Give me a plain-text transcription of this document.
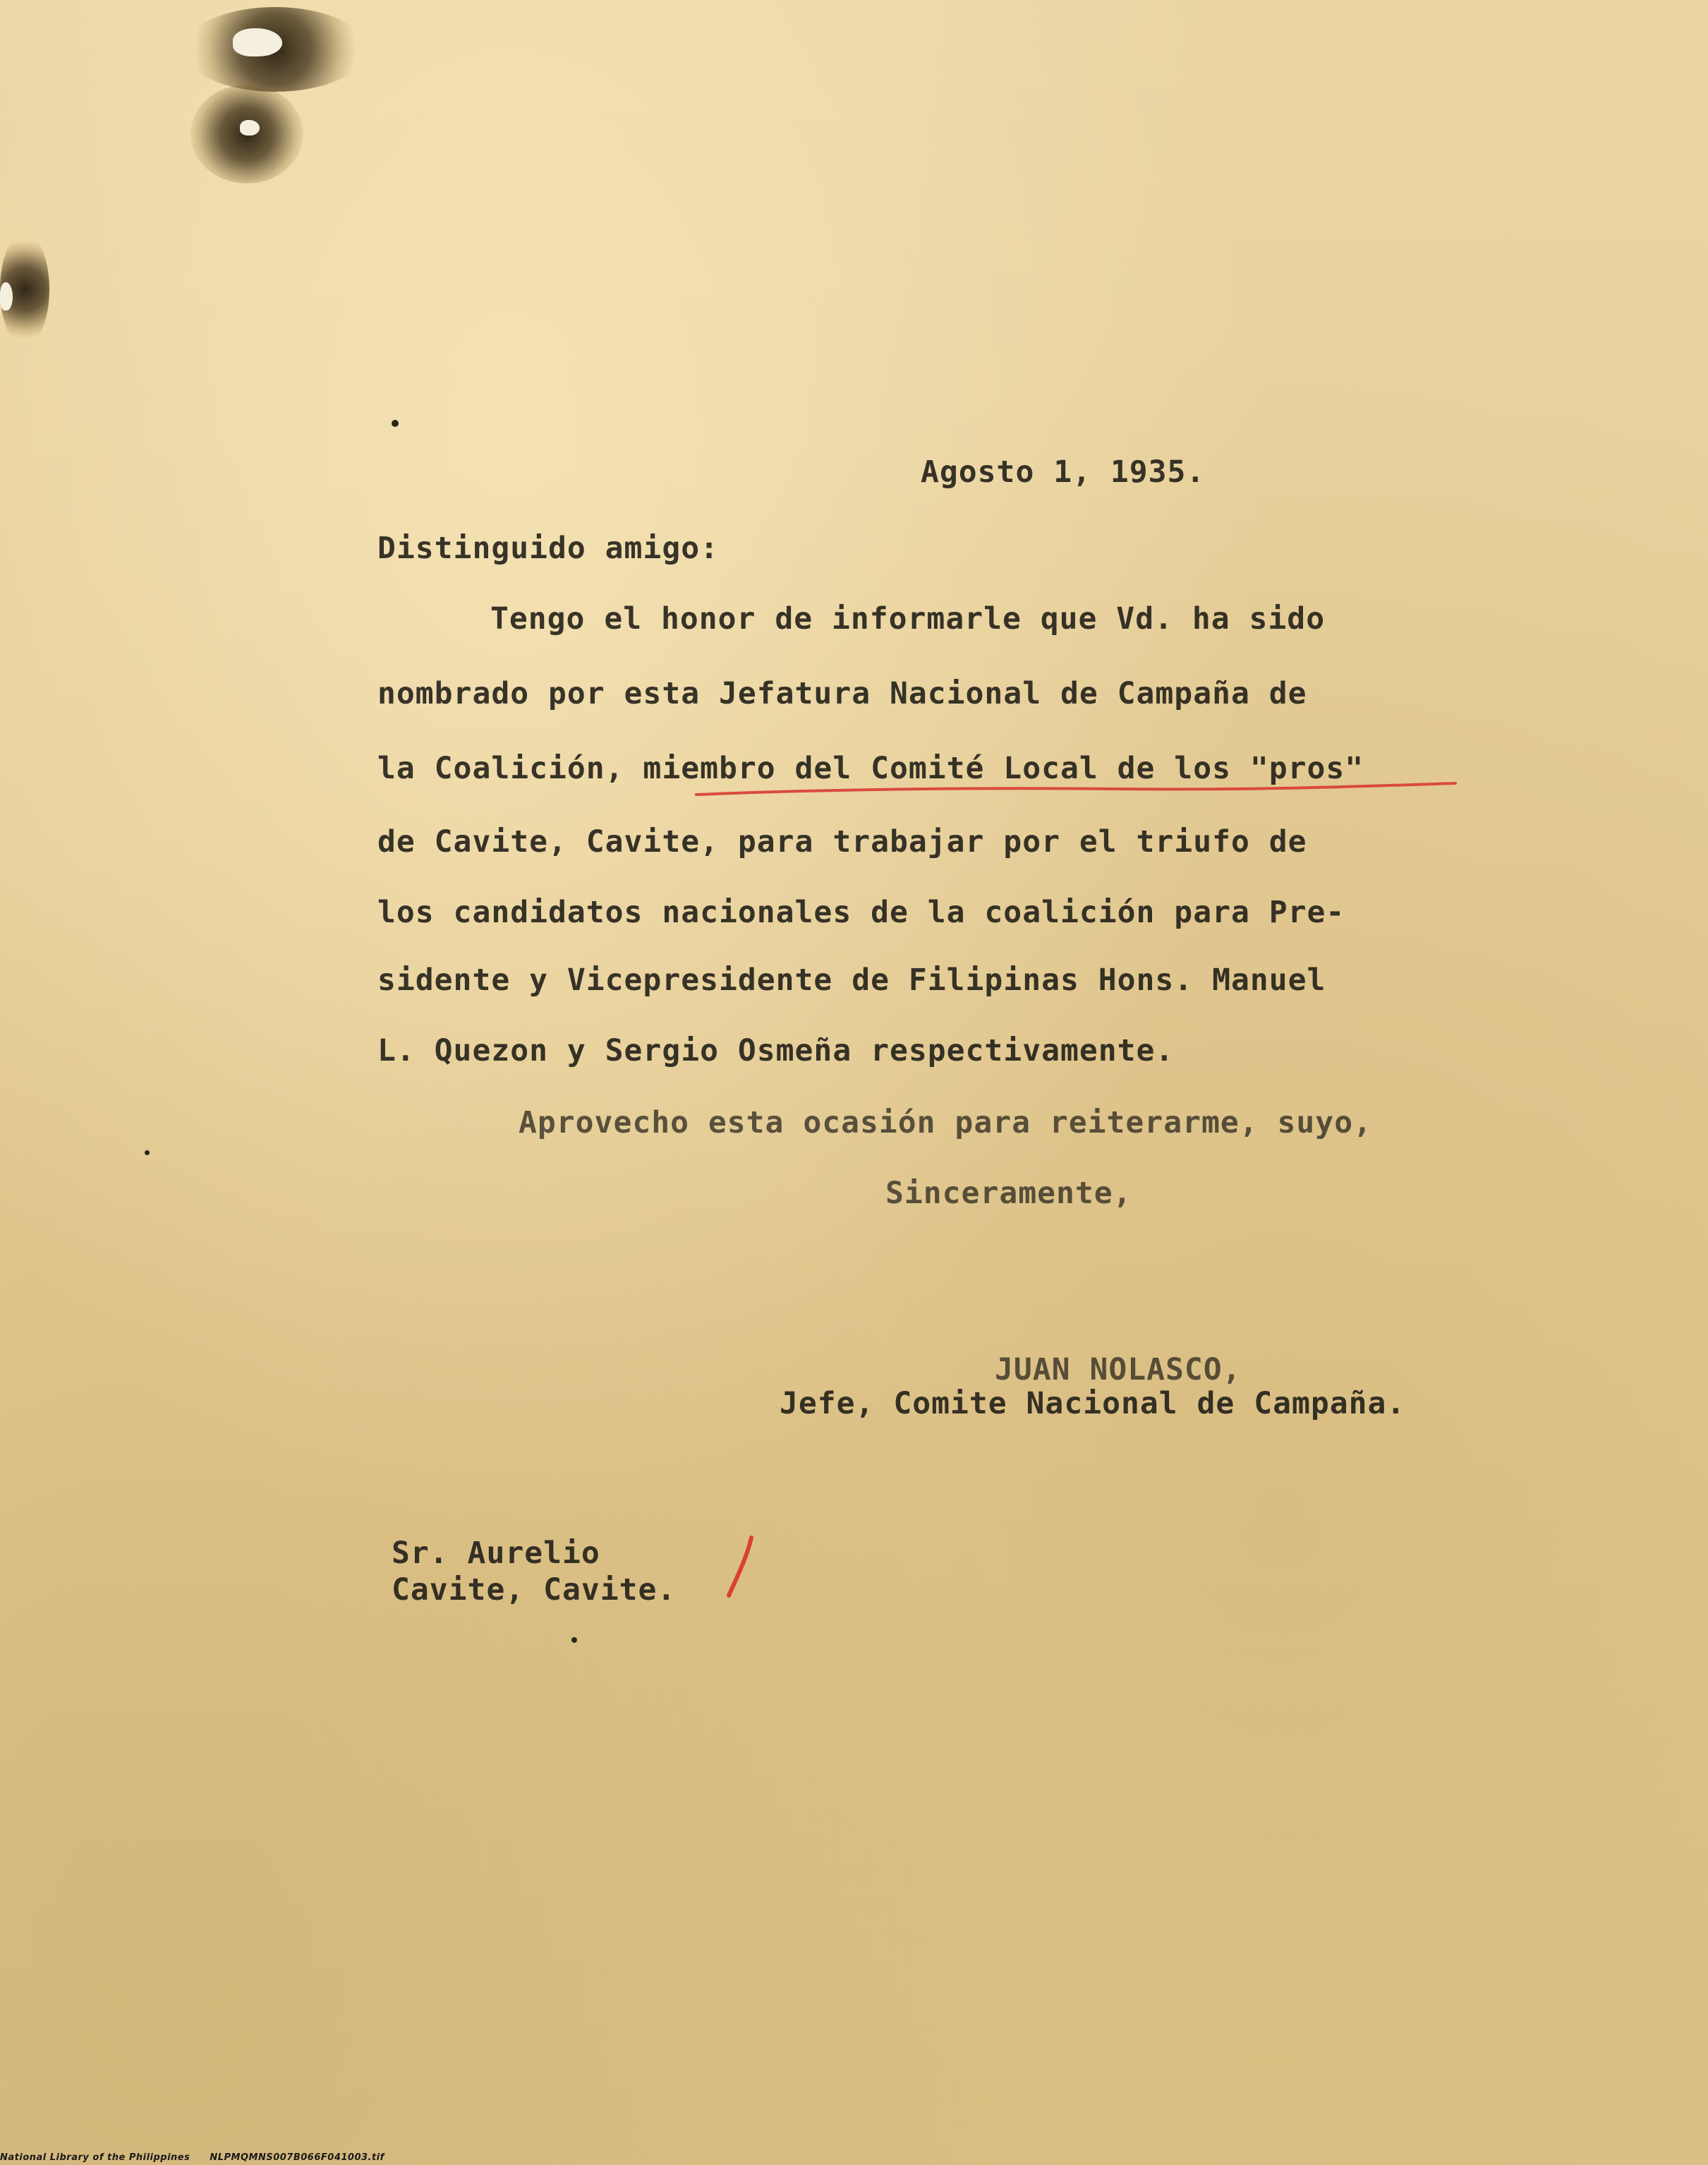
Agosto 1, 1935.
Distinguido amigo:
Tengo el honor de informarle que Vd. ha sido
nombrado por esta Jefatura Nacional de Campaña de
la Coalición, miembro del Comité Local de los "pros"
de Cavite, Cavite, para trabajar por el triufo de
los candidatos nacionales de la coalición para Pre-
sidente y Vicepresidente de Filipinas Hons. Manuel
L. Quezon y Sergio Osmeña respectivamente.
Aprovecho esta ocasión para reiterarme, suyo,
Sinceramente,
JUAN NOLASCO,
Jefe, Comite Nacional de Campaña.
Sr. Aurelio
Cavite, Cavite.
National Library of the Philippines NLPMQMNS007B066F041003.tif
